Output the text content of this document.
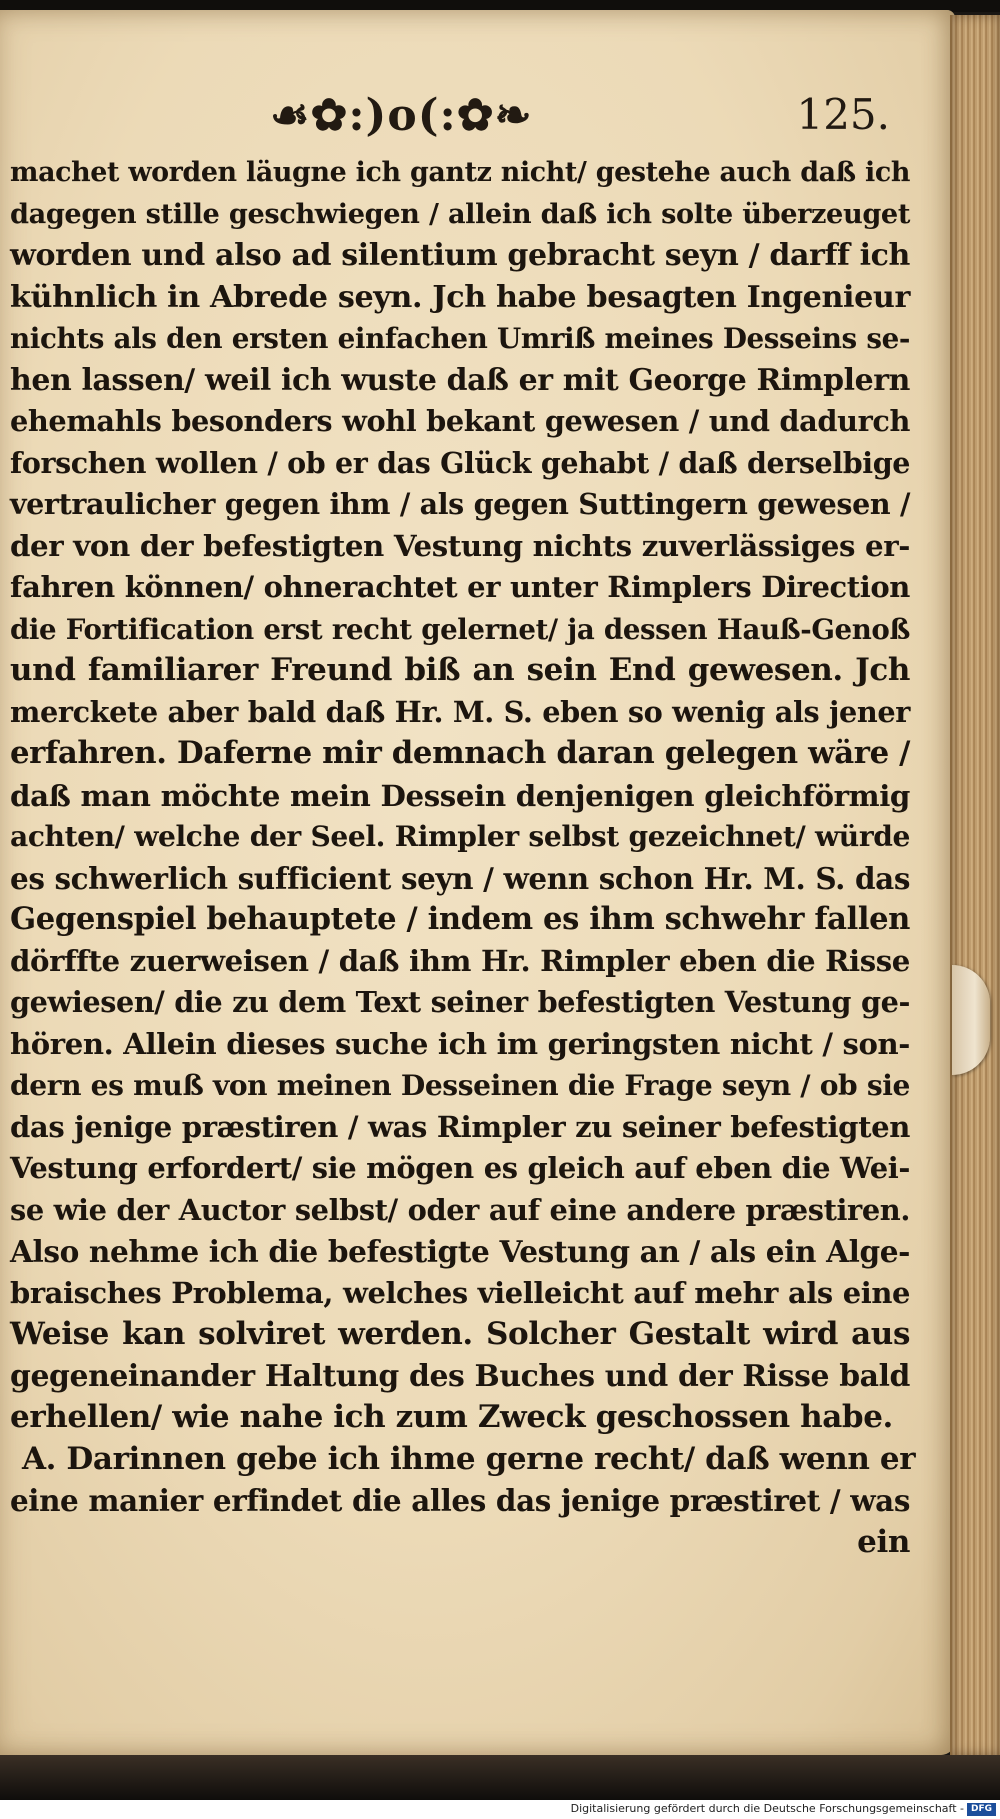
☙✿:)o(:✿❧	125.
machet worden läugne ich gantz nicht/ gestehe auch daß ich
dagegen stille geschwiegen / allein daß ich solte überzeuget
worden und also ad silentium gebracht seyn / darff ich
kühnlich in Abrede seyn. Jch habe besagten Ingenieur
nichts als den ersten einfachen Umriß meines Desseins se-
hen lassen/ weil ich wuste daß er mit George Rimplern
ehemahls besonders wohl bekant gewesen / und dadurch
forschen wollen / ob er das Glück gehabt / daß derselbige
vertraulicher gegen ihm / als gegen Suttingern gewesen /
der von der befestigten Vestung nichts zuverlässiges er-
fahren können/ ohnerachtet er unter Rimplers Direction
die Fortification erst recht gelernet/ ja dessen Hauß-Genoß
und familiarer Freund biß an sein End gewesen. Jch
merckete aber bald daß Hr. M. S. eben so wenig als jener
erfahren. Daferne mir demnach daran gelegen wäre /
daß man möchte mein Dessein denjenigen gleichförmig
achten/ welche der Seel. Rimpler selbst gezeichnet/ würde
es schwerlich sufficient seyn / wenn schon Hr. M. S. das
Gegenspiel behauptete / indem es ihm schwehr fallen
dörffte zuerweisen / daß ihm Hr. Rimpler eben die Risse
gewiesen/ die zu dem Text seiner befestigten Vestung ge-
hören. Allein dieses suche ich im geringsten nicht / son-
dern es muß von meinen Desseinen die Frage seyn / ob sie
das jenige præstiren / was Rimpler zu seiner befestigten
Vestung erfordert/ sie mögen es gleich auf eben die Wei-
se wie der Auctor selbst/ oder auf eine andere præstiren.
Also nehme ich die befestigte Vestung an / als ein Alge-
braisches Problema, welches vielleicht auf mehr als eine
Weise kan solviret werden. Solcher Gestalt wird aus
gegeneinander Haltung des Buches und der Risse bald
erhellen/ wie nahe ich zum Zweck geschossen habe.
A. Darinnen gebe ich ihme gerne recht/ daß wenn er
eine manier erfindet die alles das jenige præstiret / was
ein
Digitalisierung gefördert durch die Deutsche Forschungsgemeinschaft - DFG
